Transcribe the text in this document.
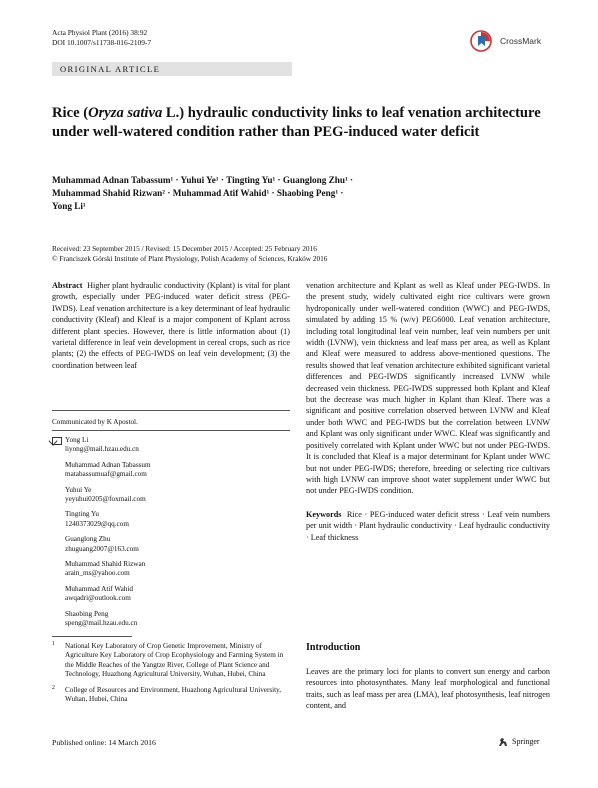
Acta Physiol Plant (2016) 38:92
DOI 10.1007/s11738-016-2109-7	CrossMark
ORIGINAL ARTICLE
Rice (Oryza sativa L.) hydraulic conductivity links to leaf venation architecture under well-watered condition rather than PEG-induced water deficit
Muhammad Adnan Tabassum¹ · Yuhui Ye¹ · Tingting Yu¹ · Guanglong Zhu¹ ·
Muhammad Shahid Rizwan² · Muhammad Atif Wahid¹ · Shaobing Peng¹ ·
Yong Li¹
Received: 23 September 2015 / Revised: 15 December 2015 / Accepted: 25 February 2016
© Franciszek Górski Institute of Plant Physiology, Polish Academy of Sciences, Kraków 2016
Abstract Higher plant hydraulic conductivity (Kplant) is vital for plant growth, especially under PEG-induced water deficit stress (PEG-IWDS). Leaf venation architecture is a key determinant of leaf hydraulic conductivity (Kleaf) and Kleaf is a major component of Kplant across different plant species. However, there is little information about (1) varietal difference in leaf vein development in cereal crops, such as rice plants; (2) the effects of PEG-IWDS on leaf vein development; (3) the coordination between leaf
Communicated by K Apostol.
Yong Li
liyong@mail.hzau.edu.cn
Muhammad Adnan Tabassum
matabassumuaf@gmail.com
Yuhui Ye
yeyuhui0205@foxmail.com
Tingting Yu
1240373029@qq.com
Guanglong Zhu
zhuguang2007@163.com
Muhammad Shahid Rizwan
arain_ms@yahoo.com
Muhammad Atif Wahid
awqadri@outlook.com
Shaobing Peng
speng@mail.hzau.edu.cn
1 National Key Laboratory of Crop Genetic Improvement, Ministry of Agriculture Key Laboratory of Crop Ecophysiology and Farming System in the Middle Reaches of the Yangtze River, College of Plant Science and Technology, Huazhong Agricultural University, Wuhan, Hubei, China
2 College of Resources and Environment, Huazhong Agricultural University, Wuhan, Hubei, China
venation architecture and Kplant as well as Kleaf under PEG-IWDS. In the present study, widely cultivated eight rice cultivars were grown hydroponically under well-watered condition (WWC) and PEG-IWDS, simulated by adding 15 % (w/v) PEG6000. Leaf venation architecture, including total longitudinal leaf vein number, leaf vein numbers per unit width (LVNW), vein thickness and leaf mass per area, as well as Kplant and Kleaf were measured to address above-mentioned questions. The results showed that leaf venation architecture exhibited significant varietal differences and PEG-IWDS significantly increased LVNW while decreased vein thickness. PEG-IWDS suppressed both Kplant and Kleaf but the decrease was much higher in Kplant than Kleaf. There was a significant and positive correlation observed between LVNW and Kleaf under both WWC and PEG-IWDS but the correlation between LVNW and Kplant was only significant under WWC. Kleaf was significantly and positively correlated with Kplant under WWC but not under PEG-IWDS. It is concluded that Kleaf is a major determinant for Kplant under WWC but not under PEG-IWDS; therefore, breeding or selecting rice cultivars with high LVNW can improve shoot water supplement under WWC but not under PEG-IWDS condition.
Keywords Rice · PEG-induced water deficit stress · Leaf vein numbers per unit width · Plant hydraulic conductivity · Leaf hydraulic conductivity · Leaf thickness
Introduction
Leaves are the primary loci for plants to convert sun energy and carbon resources into photosynthates. Many leaf morphological and functional traits, such as leaf mass per area (LMA), leaf photosynthesis, leaf nitrogen content, and
Published online: 14 March 2016	Springer
